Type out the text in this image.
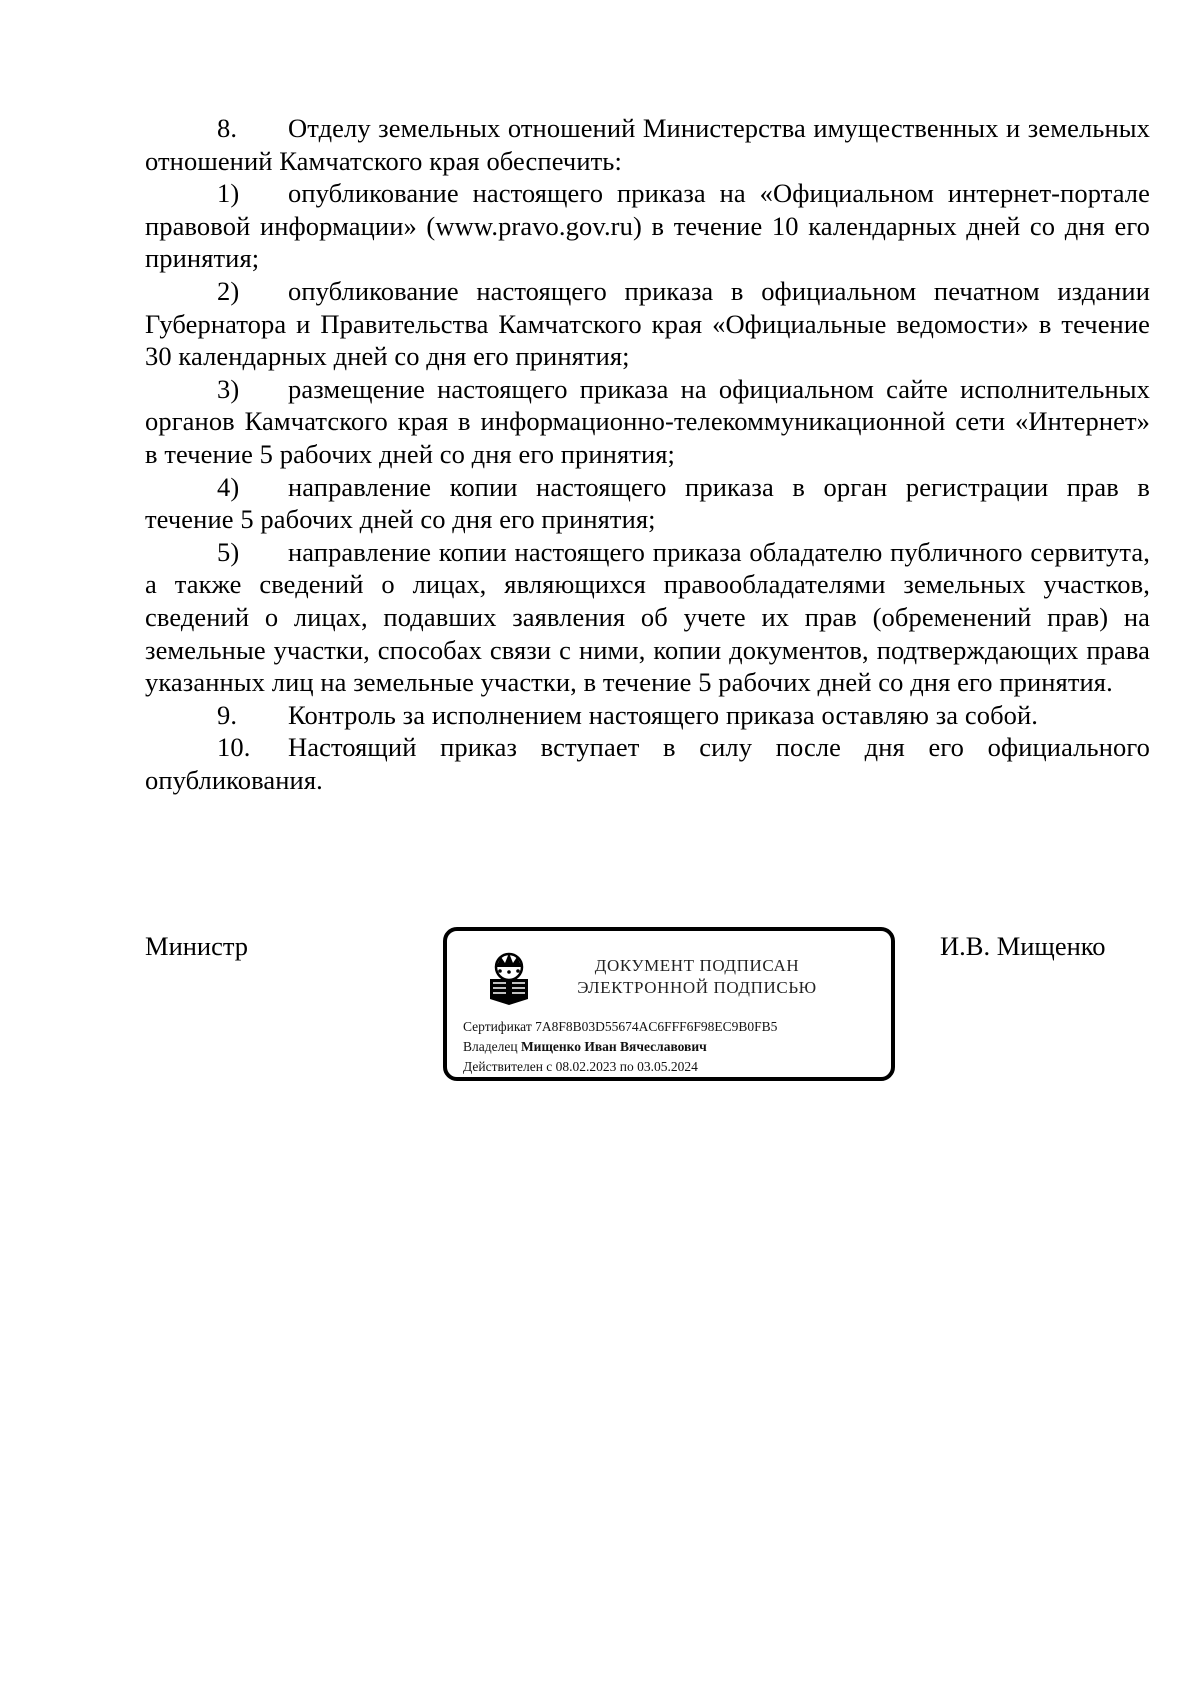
8. Отделу земельных отношений Министерства имущественных и земельных отношений Камчатского края обеспечить:

1) опубликование настоящего приказа на «Официальном интернет-портале правовой информации» (www.pravo.gov.ru) в течение 10 календарных дней со дня его принятия;

2) опубликование настоящего приказа в официальном печатном издании Губернатора и Правительства Камчатского края «Официальные ведомости» в течение 30 календарных дней со дня его принятия;

3) размещение настоящего приказа на официальном сайте исполнительных органов Камчатского края в информационно-телекоммуникационной сети «Интернет» в течение 5 рабочих дней со дня его принятия;

4) направление копии настоящего приказа в орган регистрации прав в течение 5 рабочих дней со дня его принятия;

5) направление копии настоящего приказа обладателю публичного сервитута, а также сведений о лицах, являющихся правообладателями земельных участков, сведений о лицах, подавших заявления об учете их прав (обременений прав) на земельные участки, способах связи с ними, копии документов, подтверждающих права указанных лиц на земельные участки, в течение 5 рабочих дней со дня его принятия.

9. Контроль за исполнением настоящего приказа оставляю за собой.

10. Настоящий приказ вступает в силу после дня его официального опубликования.

Министр
ДОКУМЕНТ ПОДПИСАН
ЭЛЕКТРОННОЙ ПОДПИСЬЮ
Сертификат 7A8F8B03D55674AC6FFF6F98EC9B0FB5
Владелец Мищенко Иван Вячеславович
Действителен с 08.02.2023 по 03.05.2024
И.В. Мищенко
